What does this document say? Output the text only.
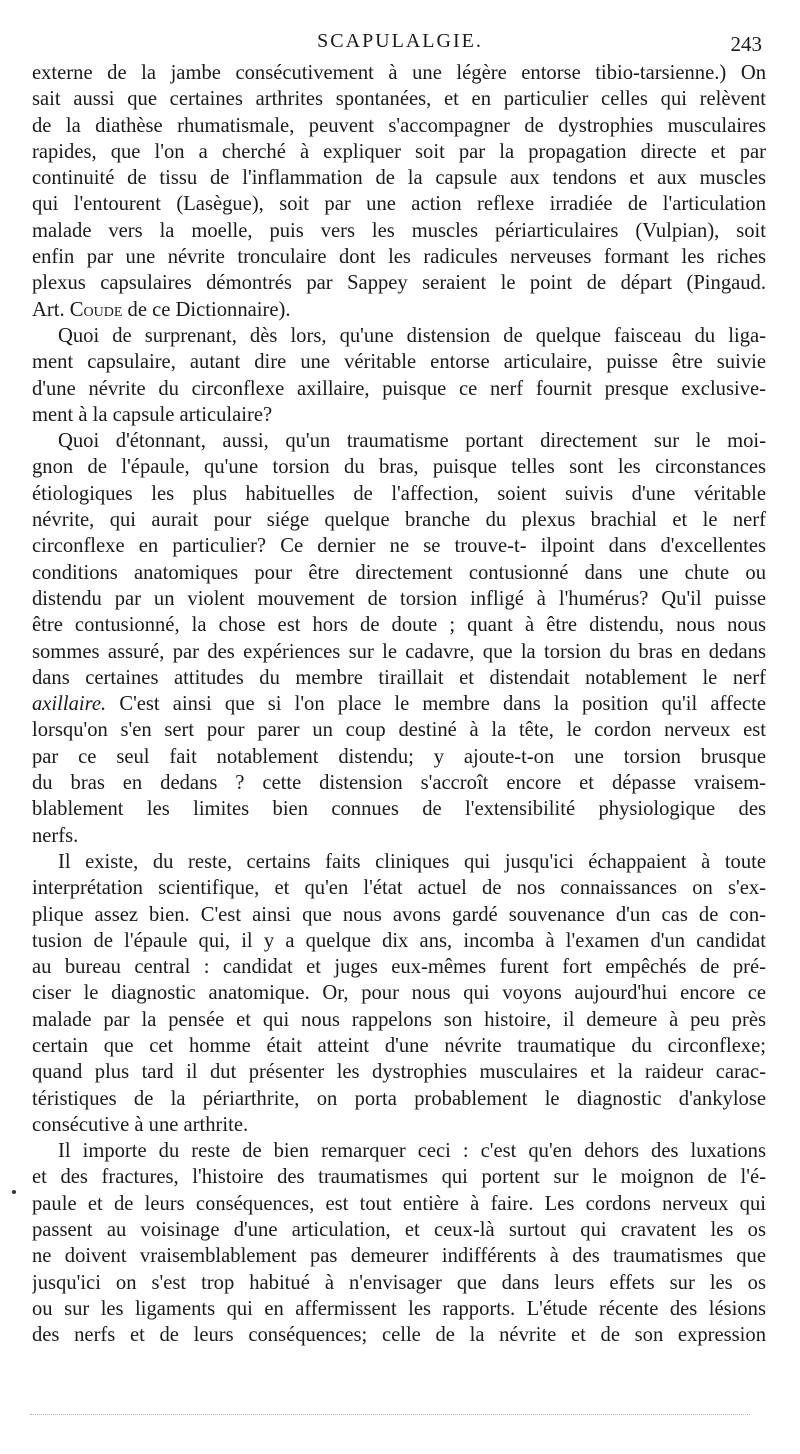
SCAPULALGIE.	243
externe de la jambe consécutivement à une légère entorse tibio-tarsienne.) On
sait aussi que certaines arthrites spontanées, et en particulier celles qui relèvent
de la diathèse rhumatismale, peuvent s'accompagner de dystrophies musculaires
rapides, que l'on a cherché à expliquer soit par la propagation directe et par
continuité de tissu de l'inflammation de la capsule aux tendons et aux muscles
qui l'entourent (Lasègue), soit par une action reflexe irradiée de l'articulation
malade vers la moelle, puis vers les muscles périarticulaires (Vulpian), soit
enfin par une névrite tronculaire dont les radicules nerveuses formant les riches
plexus capsulaires démontrés par Sappey seraient le point de départ (Pingaud.
Art. Coude de ce Dictionnaire).
Quoi de surprenant, dès lors, qu'une distension de quelque faisceau du liga-
ment capsulaire, autant dire une véritable entorse articulaire, puisse être suivie
d'une névrite du circonflexe axillaire, puisque ce nerf fournit presque exclusive-
ment à la capsule articulaire?
Quoi d'étonnant, aussi, qu'un traumatisme portant directement sur le moi-
gnon de l'épaule, qu'une torsion du bras, puisque telles sont les circonstances
étiologiques les plus habituelles de l'affection, soient suivis d'une véritable
névrite, qui aurait pour siége quelque branche du plexus brachial et le nerf
circonflexe en particulier? Ce dernier ne se trouve-t- ilpoint dans d'excellentes
conditions anatomiques pour être directement contusionné dans une chute ou
distendu par un violent mouvement de torsion infligé à l'humérus? Qu'il puisse
être contusionné, la chose est hors de doute ; quant à être distendu, nous nous
sommes assuré, par des expériences sur le cadavre, que la torsion du bras en dedans
dans certaines attitudes du membre tiraillait et distendait notablement le nerf
axillaire. C'est ainsi que si l'on place le membre dans la position qu'il affecte
lorsqu'on s'en sert pour parer un coup destiné à la tête, le cordon nerveux est
par ce seul fait notablement distendu; y ajoute-t-on une torsion brusque
du bras en dedans ? cette distension s'accroît encore et dépasse vraisem-
blablement les limites bien connues de l'extensibilité physiologique des
nerfs.
Il existe, du reste, certains faits cliniques qui jusqu'ici échappaient à toute
interprétation scientifique, et qu'en l'état actuel de nos connaissances on s'ex-
plique assez bien. C'est ainsi que nous avons gardé souvenance d'un cas de con-
tusion de l'épaule qui, il y a quelque dix ans, incomba à l'examen d'un candidat
au bureau central : candidat et juges eux-mêmes furent fort empêchés de pré-
ciser le diagnostic anatomique. Or, pour nous qui voyons aujourd'hui encore ce
malade par la pensée et qui nous rappelons son histoire, il demeure à peu près
certain que cet homme était atteint d'une névrite traumatique du circonflexe;
quand plus tard il dut présenter les dystrophies musculaires et la raideur carac-
téristiques de la périarthrite, on porta probablement le diagnostic d'ankylose
consécutive à une arthrite.
Il importe du reste de bien remarquer ceci : c'est qu'en dehors des luxations
et des fractures, l'histoire des traumatismes qui portent sur le moignon de l'é-
paule et de leurs conséquences, est tout entière à faire. Les cordons nerveux qui
passent au voisinage d'une articulation, et ceux-là surtout qui cravatent les os
ne doivent vraisemblablement pas demeurer indifférents à des traumatismes que
jusqu'ici on s'est trop habitué à n'envisager que dans leurs effets sur les os
ou sur les ligaments qui en affermissent les rapports. L'étude récente des lésions
des nerfs et de leurs conséquences; celle de la névrite et de son expression
